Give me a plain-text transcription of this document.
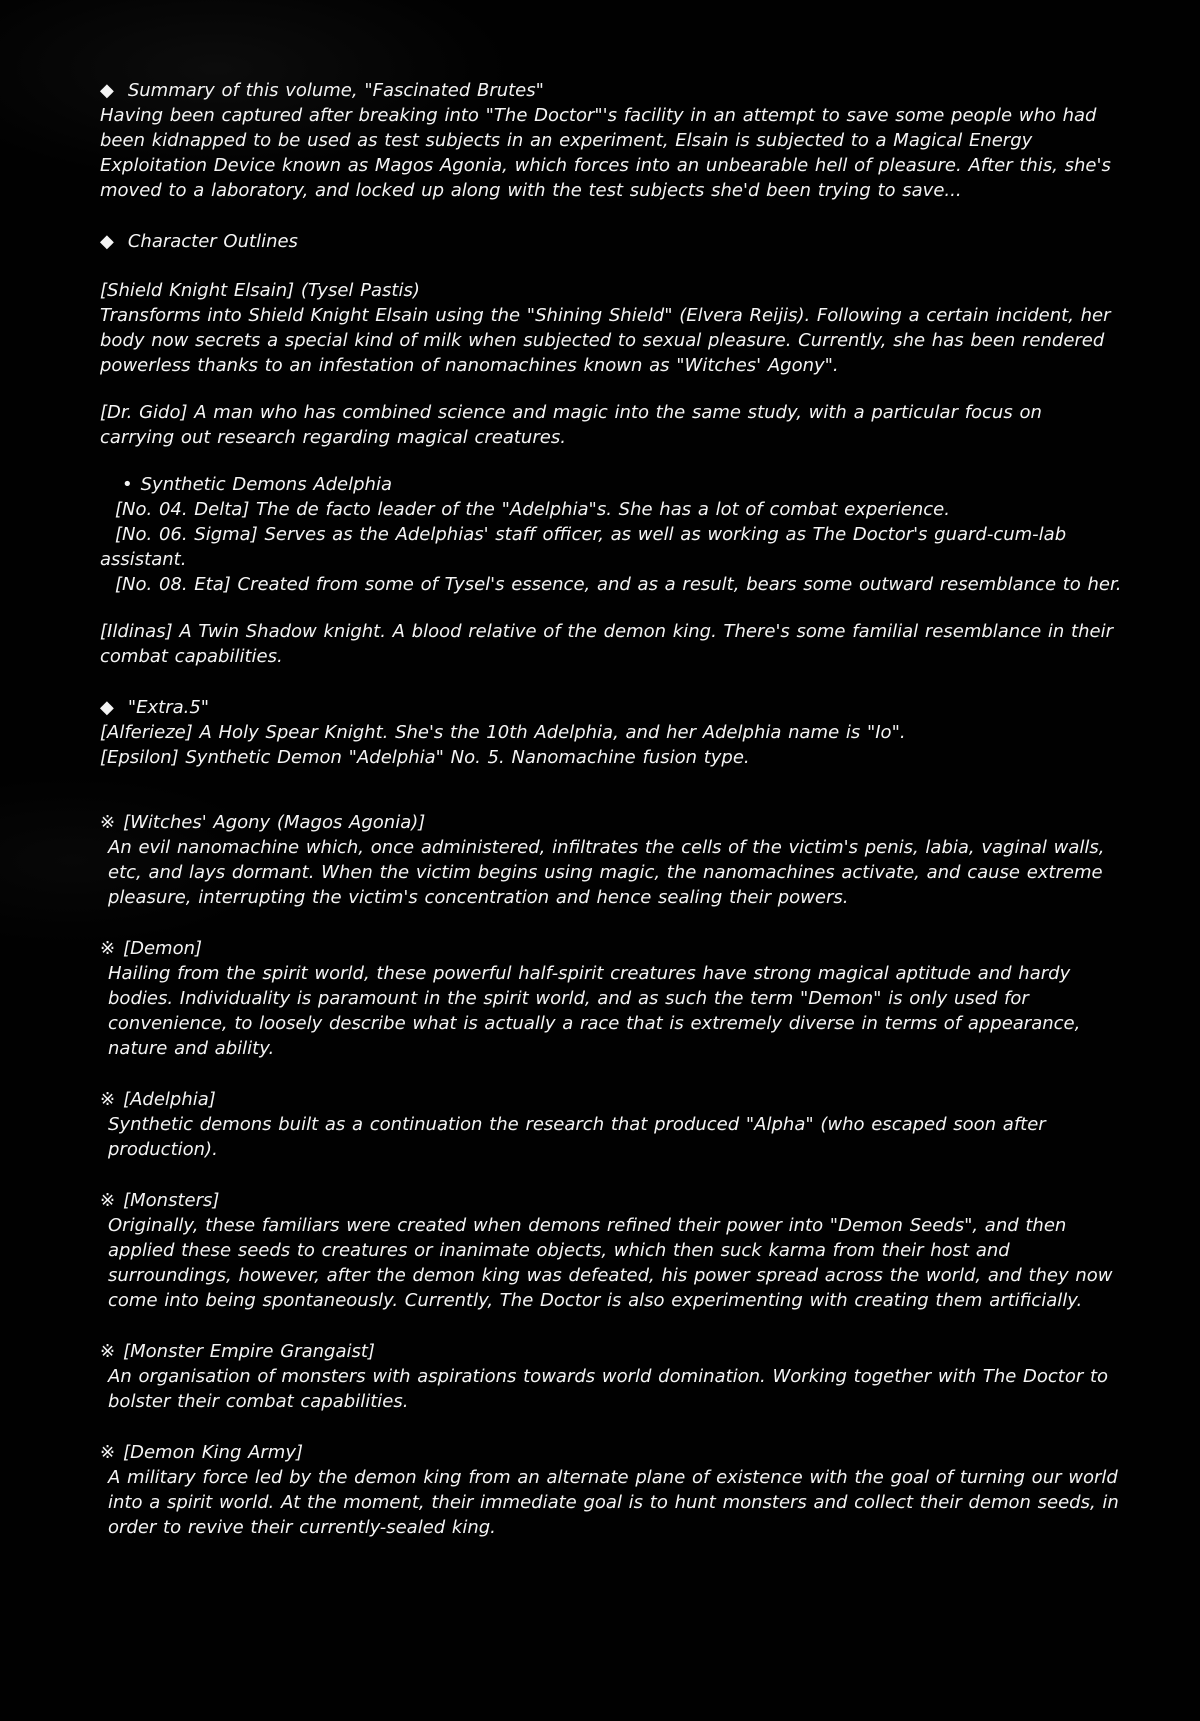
◆ Summary of this volume, "Fascinated Brutes"

Having been captured after breaking into "The Doctor"'s facility in an attempt to save some people who had been kidnapped to be used as test subjects in an experiment, Elsain is subjected to a Magical Energy Exploitation Device known as Magos Agonia, which forces into an unbearable hell of pleasure. After this, she's moved to a laboratory, and locked up along with the test subjects she'd been trying to save...

◆ Character Outlines
[Shield Knight Elsain] (Tysel Pastis)

Transforms into Shield Knight Elsain using the "Shining Shield" (Elvera Reijis). Following a certain incident, her body now secrets a special kind of milk when subjected to sexual pleasure. Currently, she has been rendered powerless thanks to an infestation of nanomachines known as "Witches' Agony".

[Dr. Gido] A man who has combined science and magic into the same study, with a particular focus on carrying out research regarding magical creatures.

• Synthetic Demons Adelphia

[No. 04. Delta] The de facto leader of the "Adelphia"s. She has a lot of combat experience.

[No. 06. Sigma] Serves as the Adelphias' staff officer, as well as working as The Doctor's guard-cum-lab assistant.

[No. 08. Eta] Created from some of Tysel's essence, and as a result, bears some outward resemblance to her.

[Ildinas] A Twin Shadow knight. A blood relative of the demon king. There's some familial resemblance in their combat capabilities.

◆ "Extra.5"

[Alferieze] A Holy Spear Knight. She's the 10th Adelphia, and her Adelphia name is "Io".

[Epsilon] Synthetic Demon "Adelphia" No. 5. Nanomachine fusion type.

※ [Witches' Agony (Magos Agonia)]

An evil nanomachine which, once administered, infiltrates the cells of the victim's penis, labia, vaginal walls, etc, and lays dormant. When the victim begins using magic, the nanomachines activate, and cause extreme pleasure, interrupting the victim's concentration and hence sealing their powers.

※ [Demon]

Hailing from the spirit world, these powerful half-spirit creatures have strong magical aptitude and hardy bodies. Individuality is paramount in the spirit world, and as such the term "Demon" is only used for convenience, to loosely describe what is actually a race that is extremely diverse in terms of appearance, nature and ability.

※ [Adelphia]

Synthetic demons built as a continuation the research that produced "Alpha" (who escaped soon after production).

※ [Monsters]

Originally, these familiars were created when demons refined their power into "Demon Seeds", and then applied these seeds to creatures or inanimate objects, which then suck karma from their host and surroundings, however, after the demon king was defeated, his power spread across the world, and they now come into being spontaneously. Currently, The Doctor is also experimenting with creating them artificially.

※ [Monster Empire Grangaist]

An organisation of monsters with aspirations towards world domination. Working together with The Doctor to bolster their combat capabilities.

※ [Demon King Army]

A military force led by the demon king from an alternate plane of existence with the goal of turning our world into a spirit world. At the moment, their immediate goal is to hunt monsters and collect their demon seeds, in order to revive their currently-sealed king.
